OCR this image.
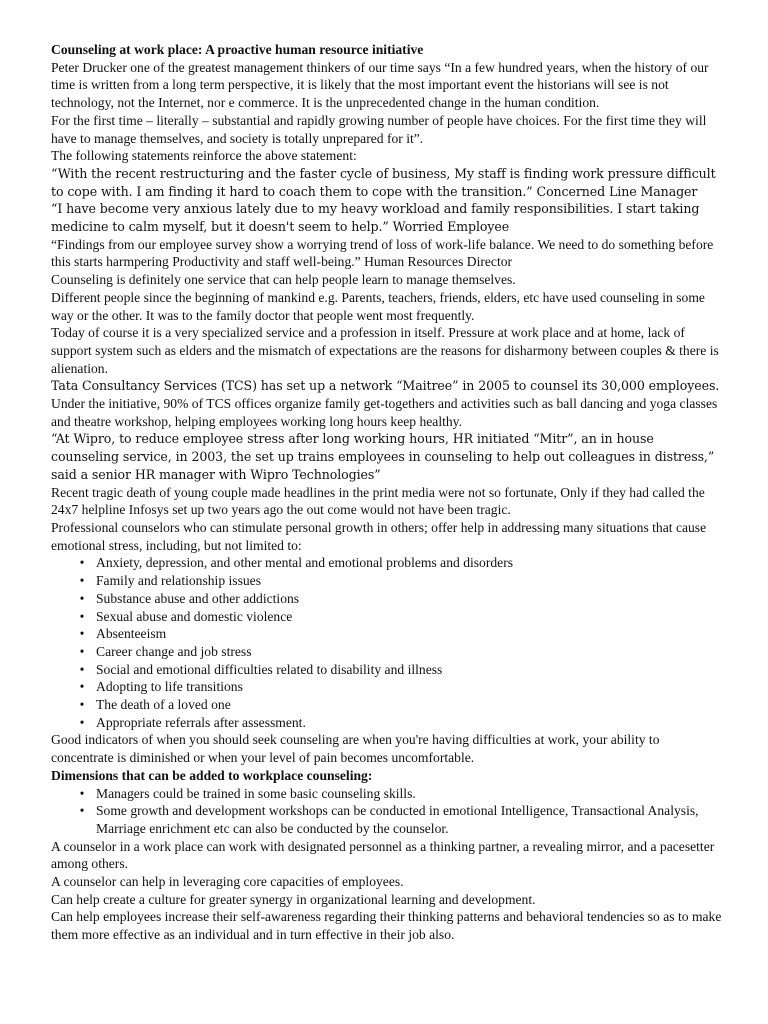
Counseling at work place: A proactive human resource initiative

Peter Drucker one of the greatest management thinkers of our time says “In a few hundred years, when the history of our time is written from a long term perspective, it is likely that the most important event the historians will see is not technology, not the Internet, nor e commerce. It is the unprecedented change in the human condition.

For the first time – literally – substantial and rapidly growing number of people have choices. For the first time they will have to manage themselves, and society is totally unprepared for it”.

The following statements reinforce the above statement:

“With the recent restructuring and the faster cycle of business, My staff is finding work pressure difficult to cope with. I am finding it hard to coach them to cope with the transition.” Concerned Line Manager

“I have become very anxious lately due to my heavy workload and family responsibilities. I start taking medicine to calm myself, but it doesn't seem to help.” Worried Employee

“Findings from our employee survey show a worrying trend of loss of work-life balance. We need to do something before this starts harmpering Productivity and staff well-being.” Human Resources Director

Counseling is definitely one service that can help people learn to manage themselves.

Different people since the beginning of mankind e.g. Parents, teachers, friends, elders, etc have used counseling in some way or the other. It was to the family doctor that people went most frequently.

Today of course it is a very specialized service and a profession in itself. Pressure at work place and at home, lack of support system such as elders and the mismatch of expectations are the reasons for disharmony between couples & there is alienation.

Tata Consultancy Services (TCS) has set up a network “Maitree” in 2005 to counsel its 30,000 employees.

Under the initiative, 90% of TCS offices organize family get-togethers and activities such as ball dancing and yoga classes and theatre workshop, helping employees working long hours keep healthy.

“At Wipro, to reduce employee stress after long working hours, HR initiated “Mitr”, an in house counseling service, in 2003, the set up trains employees in counseling to help out colleagues in distress,” said a senior HR manager with Wipro Technologies”

Recent tragic death of young couple made headlines in the print media were not so fortunate, Only if they had called the 24x7 helpline Infosys set up two years ago the out come would not have been tragic.

Professional counselors who can stimulate personal growth in others; offer help in addressing many situations that cause emotional stress, including, but not limited to:

• Anxiety, depression, and other mental and emotional problems and disorders
• Family and relationship issues
• Substance abuse and other addictions
• Sexual abuse and domestic violence
• Absenteeism
• Career change and job stress
• Social and emotional difficulties related to disability and illness
• Adopting to life transitions
• The death of a loved one
• Appropriate referrals after assessment.

Good indicators of when you should seek counseling are when you're having difficulties at work, your ability to concentrate is diminished or when your level of pain becomes uncomfortable.

Dimensions that can be added to workplace counseling:

• Managers could be trained in some basic counseling skills.
• Some growth and development workshops can be conducted in emotional Intelligence, Transactional Analysis, Marriage enrichment etc can also be conducted by the counselor.

A counselor in a work place can work with designated personnel as a thinking partner, a revealing mirror, and a pacesetter among others.

A counselor can help in leveraging core capacities of employees.

Can help create a culture for greater synergy in organizational learning and development.

Can help employees increase their self-awareness regarding their thinking patterns and behavioral tendencies so as to make them more effective as an individual and in turn effective in their job also.
